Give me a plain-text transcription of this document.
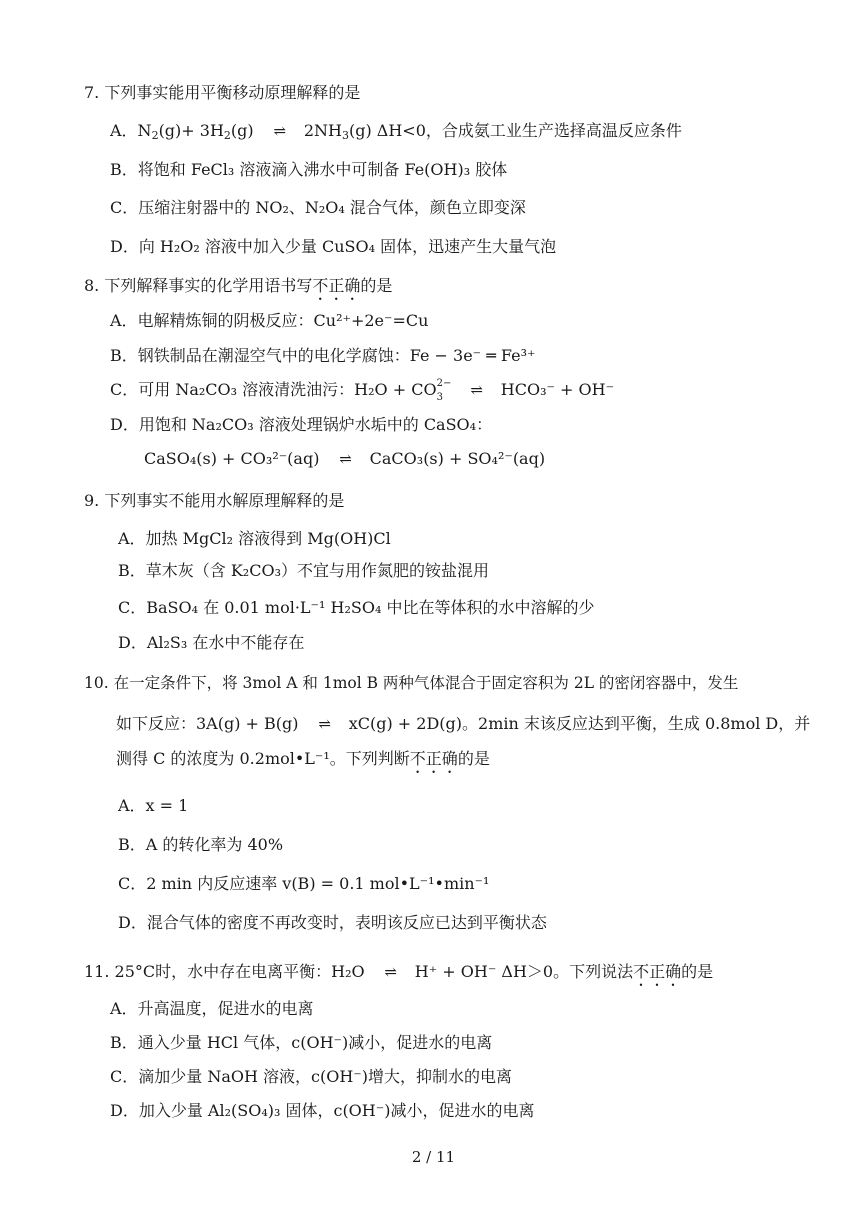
7. 下列事实能用平衡移动原理解释的是
A．$N_2(g)+ 3H_2(g)$ ⇌ $2NH_3(g)$ ΔH<0，合成氨工业生产选择高温反应条件
B．将饱和 FeCl₃ 溶液滴入沸水中可制备 Fe(OH)₃ 胶体
C．压缩注射器中的 NO₂、N₂O₄ 混合气体，颜色立即变深
D．向 H₂O₂ 溶液中加入少量 CuSO₄ 固体，迅速产生大量气泡
8. 下列解释事实的化学用语书写不正确的是
A．电解精炼铜的阴极反应：Cu²⁺+2e⁻=Cu
B．钢铁制品在潮湿空气中的电化学腐蚀：Fe − 3e⁻ ═ Fe³⁺
C．可用 Na₂CO₃ 溶液清洗油污：H₂O + CO 2−
3 ⇌ HCO₃⁻ + OH⁻
D．用饱和 Na₂CO₃ 溶液处理锅炉水垢中的 CaSO₄：
CaSO₄(s) + CO₃²⁻(aq) ⇌ CaCO₃(s) + SO₄²⁻(aq)
9. 下列事实不能用水解原理解释的是
A．加热 MgCl₂ 溶液得到 Mg(OH)Cl
B．草木灰（含 K₂CO₃）不宜与用作氮肥的铵盐混用
C．BaSO₄ 在 0.01 mol·L⁻¹ H₂SO₄ 中比在等体积的水中溶解的少
D．Al₂S₃ 在水中不能存在
10. 在一定条件下，将 3mol A 和 1mol B 两种气体混合于固定容积为 2L 的密闭容器中，发生
如下反应：3A(g) + B(g) ⇌ xC(g) + 2D(g)。2min 末该反应达到平衡，生成 0.8mol D，并
测得 C 的浓度为 0.2mol•L⁻¹。下列判断不正确的是
A．x = 1
B．A 的转化率为 40%
C．2 min 内反应速率 v(B) = 0.1 mol•L⁻¹•min⁻¹
D．混合气体的密度不再改变时，表明该反应已达到平衡状态
11. 25°C时，水中存在电离平衡：H₂O ⇌ H⁺ + OH⁻ ΔH＞0。下列说法不正确的是
A．升高温度，促进水的电离
B．通入少量 HCl 气体，c(OH⁻)减小，促进水的电离
C．滴加少量 NaOH 溶液，c(OH⁻)增大，抑制水的电离
D．加入少量 Al₂(SO₄)₃ 固体，c(OH⁻)减小，促进水的电离
2 / 11
